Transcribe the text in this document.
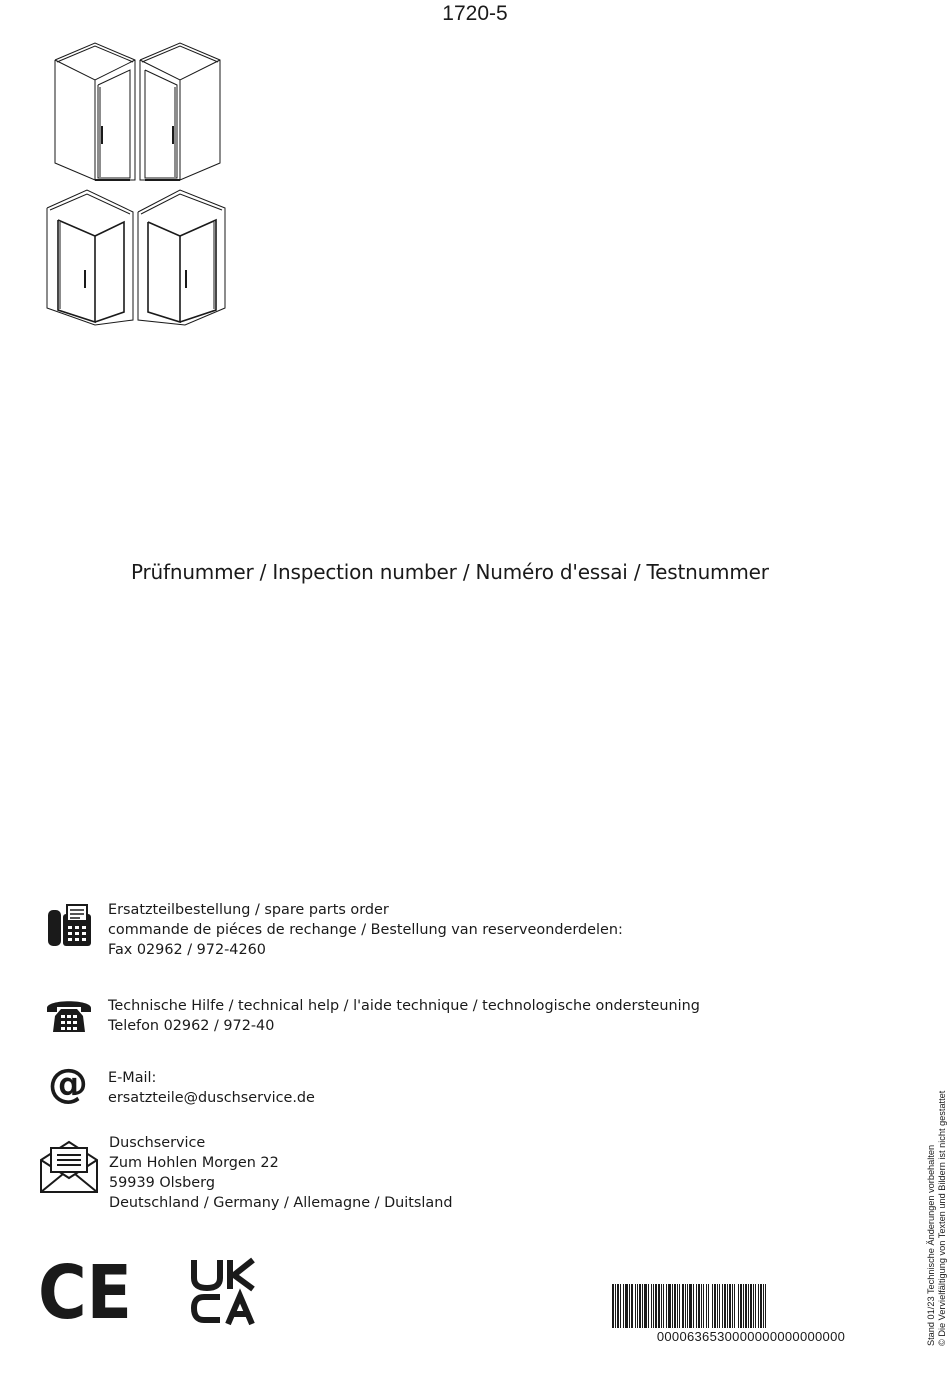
1720-5
Prüfnummer / Inspection number / Numéro d'essai / Testnummer
Ersatzteilbestellung / spare parts order
commande de piéces de rechange / Bestellung van reserveonderdelen:
Fax 02962 / 972-4260
Technische Hilfe / technical help / l'aide technique / technologische ondersteuning
Telefon 02962 / 972-40
@ E-Mail:
ersatzteile@duschservice.de
Duschservice
Zum Hohlen Morgen 22
59939 Olsberg
Deutschland / Germany / Allemagne / Duitsland
CE
0000636530000000000000000	Stand 01/23 Technische Änderungen vorbehalten © Die Vervielfältigung von Texten und Bildern ist nicht gestattet
